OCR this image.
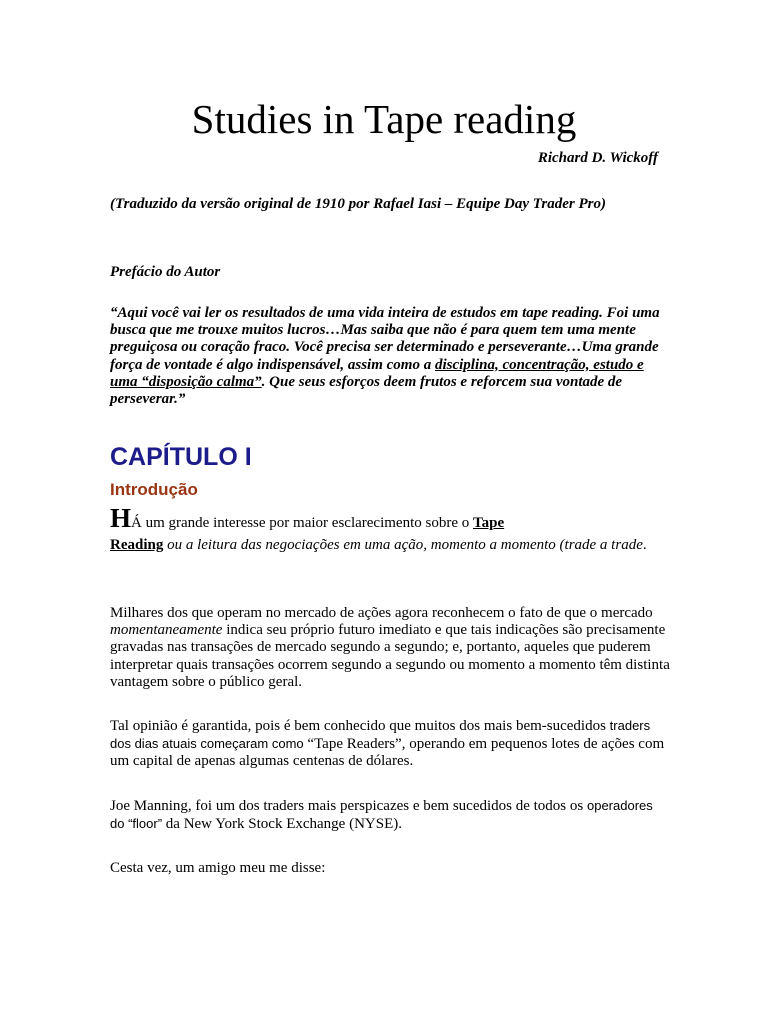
Studies in Tape reading
Richard D. Wickoff
(Traduzido da versão original de 1910 por Rafael Iasi – Equipe Day Trader Pro)
Prefácio do Autor
“Aqui você vai ler os resultados de uma vida inteira de estudos em tape reading. Foi uma busca que me trouxe muitos lucros…Mas saiba que não é para quem tem uma mente preguiçosa ou coração fraco. Você precisa ser determinado e perseverante…Uma grande força de vontade é algo indispensável, assim como a disciplina, concentração, estudo e uma “disposição calma”. Que seus esforços deem frutos e reforcem sua vontade de perseverar.”
CAPÍTULO I
Introdução
HÁ um grande interesse por maior esclarecimento sobre o Tape
Reading ou a leitura das negociações em uma ação, momento a momento (trade a trade.
Milhares dos que operam no mercado de ações agora reconhecem o fato de que o mercado momentaneamente indica seu próprio futuro imediato e que tais indicações são precisamente gravadas nas transações de mercado segundo a segundo; e, portanto, aqueles que puderem interpretar quais transações ocorrem segundo a segundo ou momento a momento têm distinta vantagem sobre o público geral.
Tal opinião é garantida, pois é bem conhecido que muitos dos mais bem-sucedidos traders dos dias atuais começaram como “Tape Readers”, operando em pequenos lotes de ações com um capital de apenas algumas centenas de dólares.
Joe Manning, foi um dos traders mais perspicazes e bem sucedidos de todos os operadores do “floor” da New York Stock Exchange (NYSE).
Cesta vez, um amigo meu me disse:
